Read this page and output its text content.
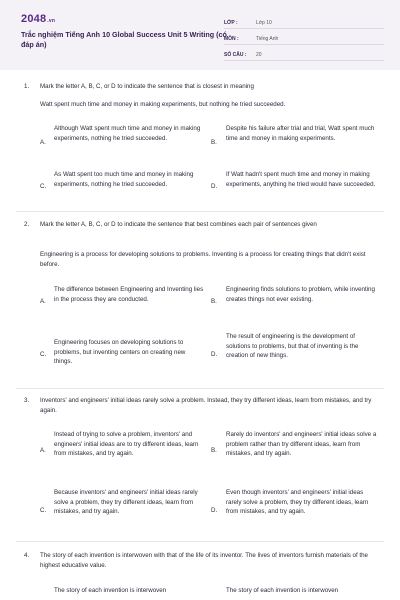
2048.vn
Trắc nghiệm Tiếng Anh 10 Global Success Unit 5 Writing (có đáp án)
LỚP :	Lớp 10
MÔN :	Tiếng Anh
SỐ CÂU :	20
1. Mark the letter A, B, C, or D to indicate the sentence that is closest in meaning
Watt spent much time and money in making experiments, but nothing he tried succeeded.
A.
Although Watt spent much time and money in making experiments, nothing he tried succeeded.
B.
Despite his failure after trial and trial, Watt spent much time and money in making experiments.
C.
As Watt spent too much time and money in making experiments, nothing he tried succeeded.	D.
If Watt hadn't spent much time and money in making experiments, anything he tried would have succeeded.
2. Mark the letter A, B, C, or D to indicate the sentence that best combines each pair of sentences given
Engineering is a process for developing solutions to problems. Inventing is a process for creating things that didn't exist before.
A.
The difference between Engineering and Inventing lies in the process they are conducted.	B.
Engineering finds solutions to problem, while inventing creates things not ever existing.
C.
Engineering focuses on developing solutions to problems, but inventing centers on creating new things.
D.
The result of engineering is the development of solutions to problems, but that of inventing is the creation of new things.
3. Inventors' and engineers' initial ideas rarely solve a problem. Instead, they try different ideas, learn from mistakes, and try again.
A.
Instead of trying to solve a problem, inventors' and engineers' initial ideas are to try different ideas, learn from mistakes, and try again.	B.
Rarely do inventors' and engineers' initial ideas solve a problem rather than try different ideas, learn from mistakes, and try again.
C.
Because inventors' and engineers' initial ideas rarely solve a problem, they try different ideas, learn from mistakes, and try again.	D.
Even though inventors' and engineers' initial ideas rarely solve a problem, they try different ideas, learn from mistakes, and try again.
4. The story of each invention is interwoven with that of the life of its inventor. The lives of inventors furnish materials of the highest educative value.
The story of each invention is interwoven	The story of each invention is interwoven
